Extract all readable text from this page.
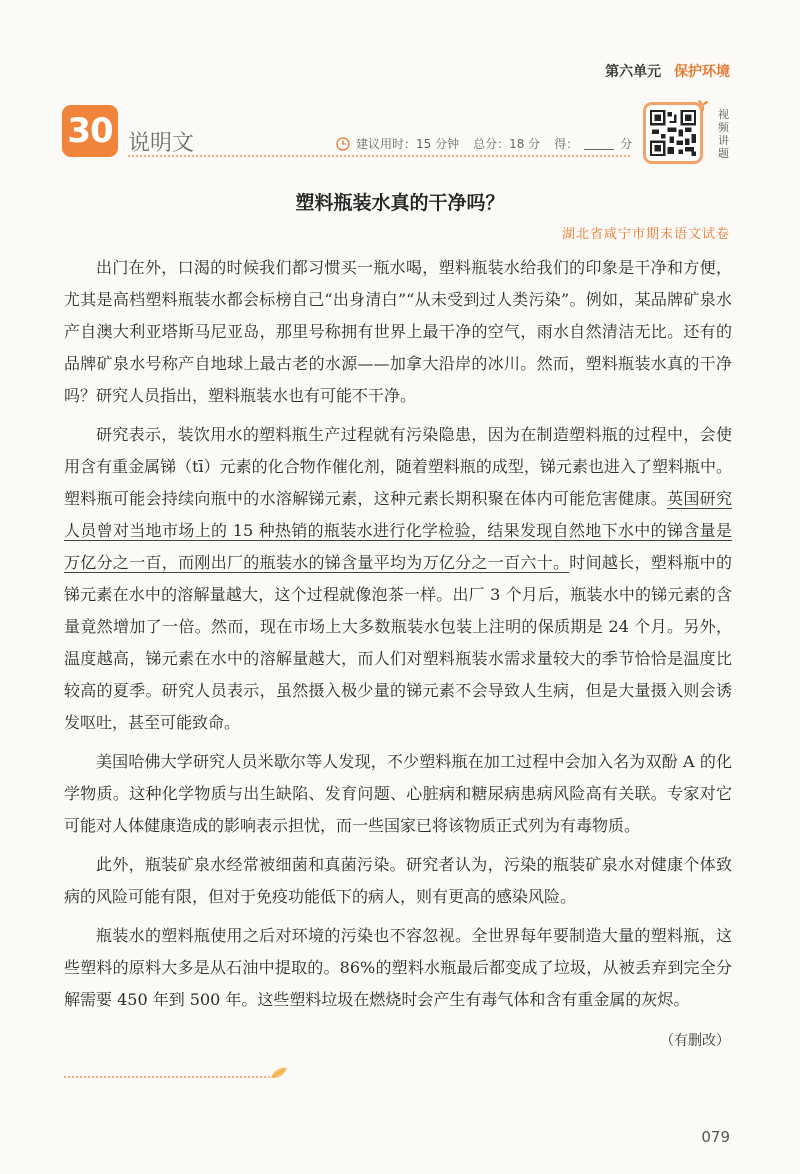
第六单元 保护环境
30 说明文	建议用时：15 分钟 总分：18 分 得：	分
视频讲题
塑料瓶装水真的干净吗？
湖北省咸宁市期末语文试卷

出门在外，口渴的时候我们都习惯买一瓶水喝，塑料瓶装水给我们的印象是干净和方便，尤其是高档塑料瓶装水都会标榜自己“出身清白”“从未受到过人类污染”。例如，某品牌矿泉水产自澳大利亚塔斯马尼亚岛，那里号称拥有世界上最干净的空气，雨水自然清洁无比。还有的品牌矿泉水号称产自地球上最古老的水源——加拿大沿岸的冰川。然而，塑料瓶装水真的干净吗？研究人员指出，塑料瓶装水也有可能不干净。

研究表示，装饮用水的塑料瓶生产过程就有污染隐患，因为在制造塑料瓶的过程中，会使用含有重金属锑（tī）元素的化合物作催化剂，随着塑料瓶的成型，锑元素也进入了塑料瓶中。塑料瓶可能会持续向瓶中的水溶解锑元素，这种元素长期积聚在体内可能危害健康。英国研究人员曾对当地市场上的 15 种热销的瓶装水进行化学检验，结果发现自然地下水中的锑含量是万亿分之一百，而刚出厂的瓶装水的锑含量平均为万亿分之一百六十。时间越长，塑料瓶中的锑元素在水中的溶解量越大，这个过程就像泡茶一样。出厂 3 个月后，瓶装水中的锑元素的含量竟然增加了一倍。然而，现在市场上大多数瓶装水包装上注明的保质期是 24 个月。另外，温度越高，锑元素在水中的溶解量越大，而人们对塑料瓶装水需求量较大的季节恰恰是温度比较高的夏季。研究人员表示，虽然摄入极少量的锑元素不会导致人生病，但是大量摄入则会诱发呕吐，甚至可能致命。

美国哈佛大学研究人员米歇尔等人发现，不少塑料瓶在加工过程中会加入名为双酚 A 的化学物质。这种化学物质与出生缺陷、发育问题、心脏病和糖尿病患病风险高有关联。专家对它可能对人体健康造成的影响表示担忧，而一些国家已将该物质正式列为有毒物质。

此外，瓶装矿泉水经常被细菌和真菌污染。研究者认为，污染的瓶装矿泉水对健康个体致病的风险可能有限，但对于免疫功能低下的病人，则有更高的感染风险。

瓶装水的塑料瓶使用之后对环境的污染也不容忽视。全世界每年要制造大量的塑料瓶，这些塑料的原料大多是从石油中提取的。86%的塑料水瓶最后都变成了垃圾，从被丢弃到完全分解需要 450 年到 500 年。这些塑料垃圾在燃烧时会产生有毒气体和含有重金属的灰烬。

（有删改）
079
